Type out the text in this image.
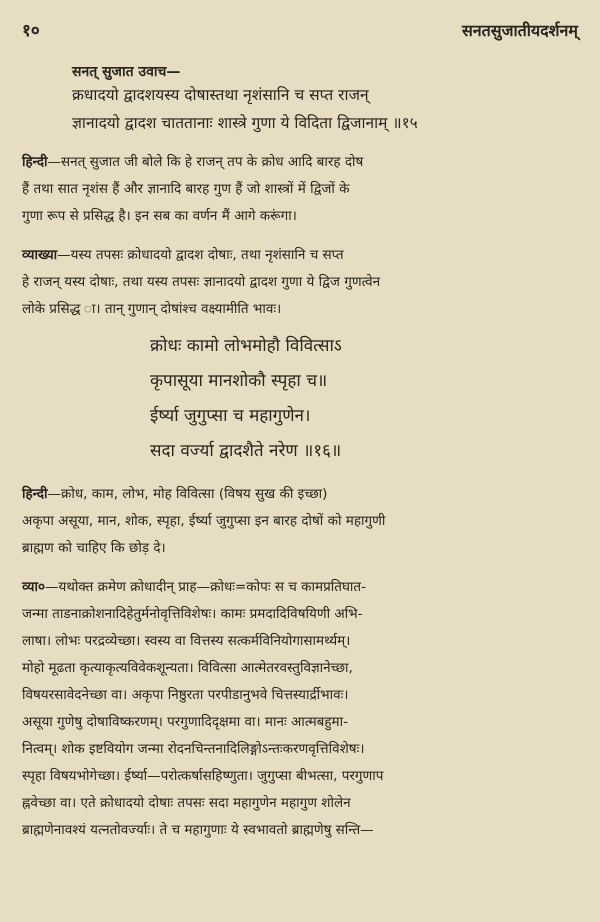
१०	सनतसुजातीयदर्शनम्
सनत् सुजात उवाच—
क्रधादयो द्वादशयस्य दोषास्तथा नृशंसानि च सप्त राजन्
ज्ञानादयो द्वादश चाततानाः शास्त्रे गुणा ये विदिता द्विजानाम् ॥१५
हिन्दी—सनत् सुजात जी बोले कि हे राजन् तप के क्रोध आदि बारह दोष
हैं तथा सात नृशंस हैं और ज्ञानादि बारह गुण हैं जो शास्त्रों में द्विजों के
गुणा रूप से प्रसिद्ध है। इन सब का वर्णन मैं आगे करूंगा।
व्याख्या—यस्य तपसः क्रोधादयो द्वादश दोषाः, तथा नृशंसानि च सप्त
हे राजन् यस्य दोषाः, तथा यस्य तपसः ज्ञानादयो द्वादश गुणा ये द्विज गुणत्वेन
लोके प्रसिद्ध ा। तान् गुणान् दोषांश्च वक्ष्यामीति भावः।
क्रोधः कामो लोभमोहौ विवित्साऽ
कृपासूया मानशोकौ स्पृहा च॥
ईर्ष्या जुगुप्सा च महागुणेन।
सदा वर्ज्या द्वादशैते नरेण ॥१६॥
हिन्दी—क्रोध, काम, लोभ, मोह विवित्सा (विषय सुख की इच्छा)
अकृपा असूया, मान, शोक, स्पृहा, ईर्ष्या जुगुप्सा इन बारह दोषों को महागुणी
ब्राह्मण को चाहिए कि छोड़ दे।
व्या०—यथोक्त क्रमेण क्रोधादीन् प्राह—क्रोधः=कोपः स च कामप्रतिघात-
जन्मा ताडनाक्रोशनादिहेतुर्मनोवृत्तिविशेषः। कामः प्रमदादिविषयिणी अभि-
लाषा। लोभः परद्रव्येच्छा। स्वस्य वा वित्तस्य सत्कर्मविनियोगासामर्थ्यम्।
मोहो मूढता कृत्याकृत्यविवेकशून्यता। विवित्सा आत्मेतरवस्तुविज्ञानेच्छा,
विषयरसावेदनेच्छा वा। अकृपा निष्ठुरता परपीडानुभवे चित्तस्यार्द्रीभावः।
असूया गुणेषु दोषाविष्करणम्। परगुणादिदृक्षमा वा। मानः आत्मबहुमा-
नित्वम्। शोक इष्टवियोग जन्मा रोदनचिन्तनादिलिङ्गोऽन्तःकरणवृत्तिविशेषः।
स्पृहा विषयभोगेच्छा। ईर्ष्या—परोत्कर्षासहिष्णुता। जुगुप्सा बीभत्सा, परगुणाप
ह्नवेच्छा वा। एते क्रोधादयो दोषाः तपसः सदा महागुणेन महागुण शोलेन
ब्राह्मणेनावश्यं यत्नतोवर्ज्याः। ते च महागुणाः ये स्वभावतो ब्राह्मणेषु सन्ति—
